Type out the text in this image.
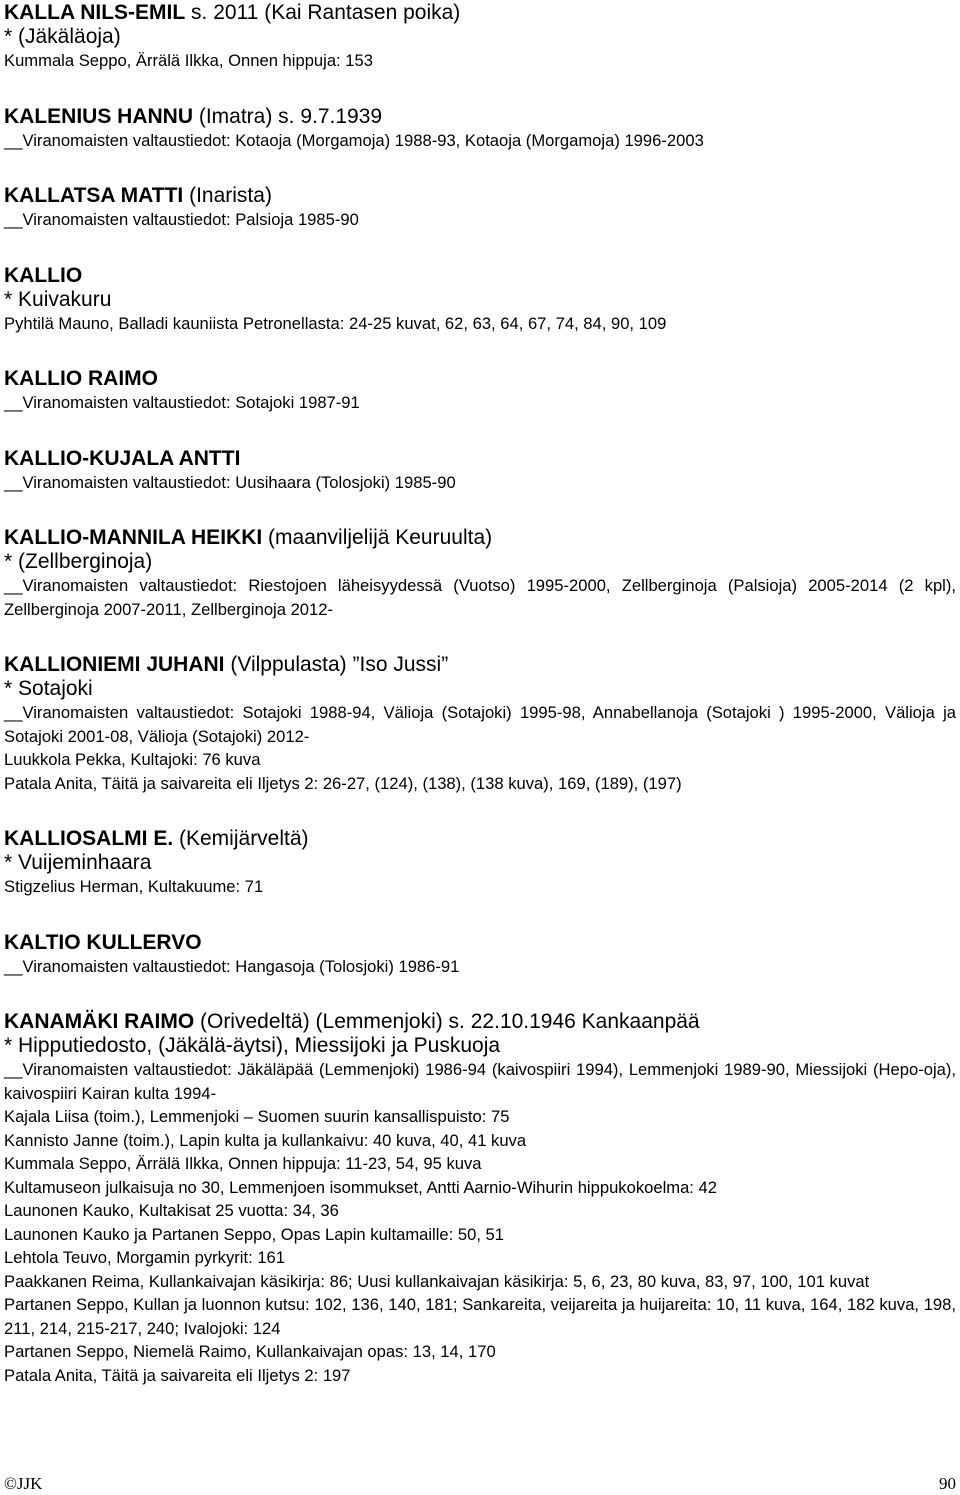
KALLA NILS-EMIL s. 2011 (Kai Rantasen poika)

* (Jäkäläoja)

Kummala Seppo, Ärrälä Ilkka, Onnen hippuja: 153

KALENIUS HANNU (Imatra) s. 9.7.1939

__Viranomaisten valtaustiedot: Kotaoja (Morgamoja) 1988-93, Kotaoja (Morgamoja) 1996-2003

KALLATSA MATTI (Inarista)

__Viranomaisten valtaustiedot: Palsioja 1985-90

KALLIO

* Kuivakuru

Pyhtilä Mauno, Balladi kauniista Petronellasta: 24-25 kuvat, 62, 63, 64, 67, 74, 84, 90, 109

KALLIO RAIMO

__Viranomaisten valtaustiedot: Sotajoki 1987-91

KALLIO-KUJALA ANTTI

__Viranomaisten valtaustiedot: Uusihaara (Tolosjoki) 1985-90

KALLIO-MANNILA HEIKKI (maanviljelijä Keuruulta)

* (Zellberginoja)

__Viranomaisten valtaustiedot: Riestojoen läheisyydessä (Vuotso) 1995-2000, Zellberginoja (Palsioja) 2005-2014 (2 kpl), Zellberginoja 2007-2011, Zellberginoja 2012-

KALLIONIEMI JUHANI (Vilppulasta) ”Iso Jussi”

* Sotajoki

__Viranomaisten valtaustiedot: Sotajoki 1988-94, Välioja (Sotajoki) 1995-98, Annabellanoja (Sotajoki ) 1995-2000, Välioja ja Sotajoki 2001-08, Välioja (Sotajoki) 2012-

Luukkola Pekka, Kultajoki: 76 kuva

Patala Anita, Täitä ja saivareita eli Iljetys 2: 26-27, (124), (138), (138 kuva), 169, (189), (197)

KALLIOSALMI E. (Kemijärveltä)

* Vuijeminhaara

Stigzelius Herman, Kultakuume: 71

KALTIO KULLERVO

__Viranomaisten valtaustiedot: Hangasoja (Tolosjoki) 1986-91

KANAMÄKI RAIMO (Orivedeltä) (Lemmenjoki) s. 22.10.1946 Kankaanpää

* Hipputiedosto, (Jäkälä-äytsi), Miessijoki ja Puskuoja

__Viranomaisten valtaustiedot: Jäkäläpää (Lemmenjoki) 1986-94 (kaivospiiri 1994), Lemmenjoki 1989-90, Miessijoki (Hepo-oja), kaivospiiri Kairan kulta 1994-

Kajala Liisa (toim.), Lemmenjoki – Suomen suurin kansallispuisto: 75

Kannisto Janne (toim.), Lapin kulta ja kullankaivu: 40 kuva, 40, 41 kuva

Kummala Seppo, Ärrälä Ilkka, Onnen hippuja: 11-23, 54, 95 kuva

Kultamuseon julkaisuja no 30, Lemmenjoen isommukset, Antti Aarnio-Wihurin hippukokoelma: 42

Launonen Kauko, Kultakisat 25 vuotta: 34, 36

Launonen Kauko ja Partanen Seppo, Opas Lapin kultamaille: 50, 51

Lehtola Teuvo, Morgamin pyrkyrit: 161

Paakkanen Reima, Kullankaivajan käsikirja: 86; Uusi kullankaivajan käsikirja: 5, 6, 23, 80 kuva, 83, 97, 100, 101 kuvat

Partanen Seppo, Kullan ja luonnon kutsu: 102, 136, 140, 181; Sankareita, veijareita ja huijareita: 10, 11 kuva, 164, 182 kuva, 198, 211, 214, 215-217, 240; Ivalojoki: 124

Partanen Seppo, Niemelä Raimo, Kullankaivajan opas: 13, 14, 170

Patala Anita, Täitä ja saivareita eli Iljetys 2: 197

©JJK	90
